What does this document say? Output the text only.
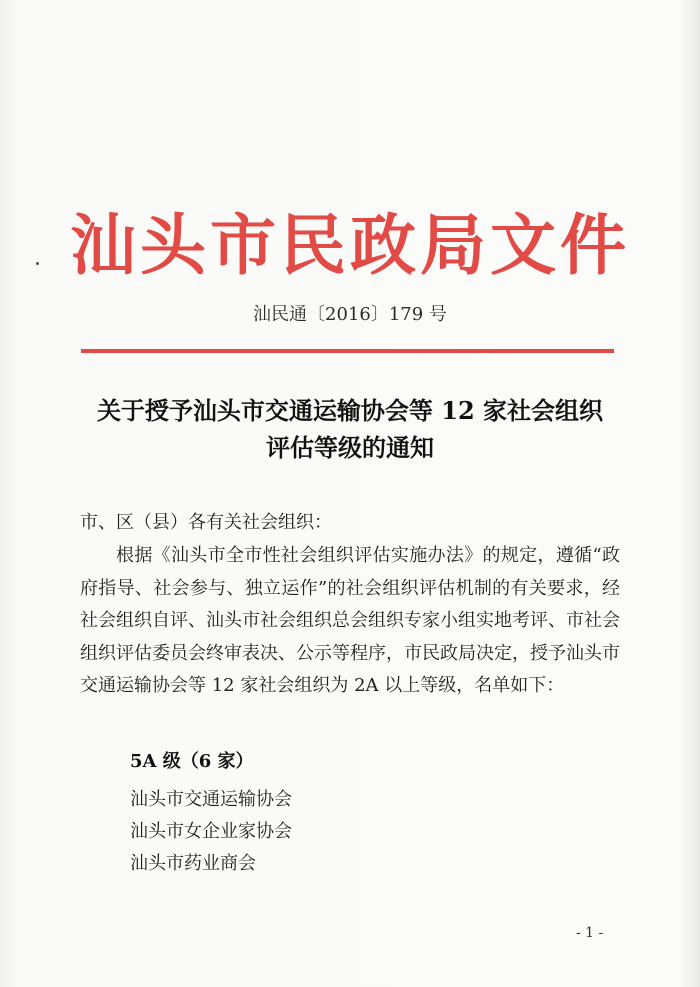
汕头市民政局文件
汕民通〔2016〕179 号
关于授予汕头市交通运输协会等 12 家社会组织
评估等级的通知
市、区（县）各有关社会组织：
根据《汕头市全市性社会组织评估实施办法》的规定，遵循“政府指导、社会参与、独立运作”的社会组织评估机制的有关要求，经社会组织自评、汕头市社会组织总会组织专家小组实地考评、市社会组织评估委员会终审表决、公示等程序，市民政局决定，授予汕头市交通运输协会等 12 家社会组织为 2A 以上等级，名单如下：
5A 级（6 家）
汕头市交通运输协会
汕头市女企业家协会
汕头市药业商会
- 1 -
